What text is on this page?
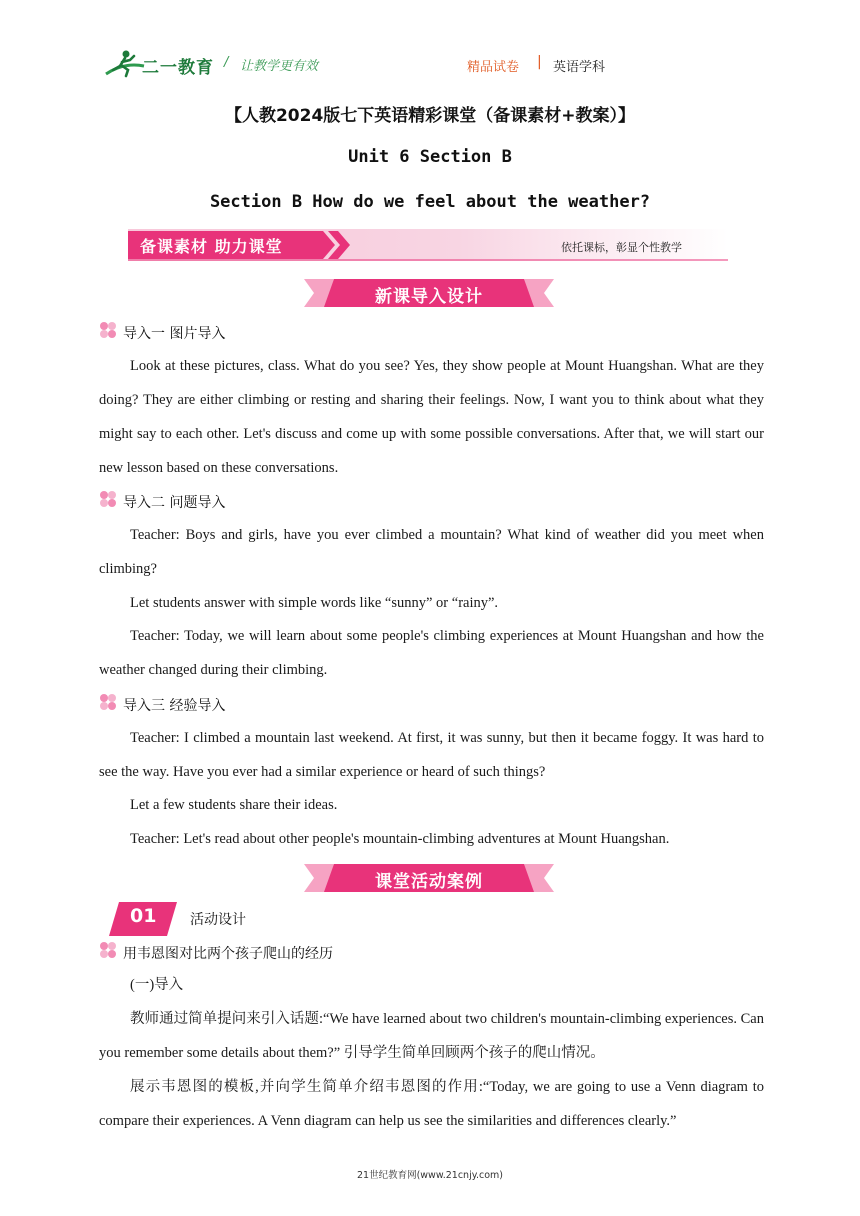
二一教育 / 让教学更有效	精品试卷 | 英语学科
【人教2024版七下英语精彩课堂（备课素材+教案）】
Unit 6 Section B
Section B How do we feel about the weather?
备课素材 助力课堂	依托课标，彰显个性教学
新课导入设计
导入一 图片导入

Look at these pictures, class. What do you see? Yes, they show people at Mount Huangshan. What are they doing? They are either climbing or resting and sharing their feelings. Now, I want you to think about what they might say to each other. Let's discuss and come up with some possible conversations. After that, we will start our new lesson based on these conversations.

导入二 问题导入

Teacher: Boys and girls, have you ever climbed a mountain? What kind of weather did you meet when climbing?

Let students answer with simple words like “sunny” or “rainy”.

Teacher: Today, we will learn about some people's climbing experiences at Mount Huangshan and how the weather changed during their climbing.

导入三 经验导入

Teacher: I climbed a mountain last weekend. At first, it was sunny, but then it became foggy. It was hard to see the way. Have you ever had a similar experience or heard of such things?

Let a few students share their ideas.

Teacher: Let's read about other people's mountain-climbing adventures at Mount Huangshan.

课堂活动案例
01 活动设计
用韦恩图对比两个孩子爬山的经历

(一)导入

教师通过简单提问来引入话题:“We have learned about two children's mountain-climbing experiences. Can you remember some details about them?” 引导学生简单回顾两个孩子的爬山情况。

展示韦恩图的模板,并向学生简单介绍韦恩图的作用:“Today, we are going to use a Venn diagram to compare their experiences. A Venn diagram can help us see the similarities and differences clearly.”

21世纪教育网(www.21cnjy.com)
